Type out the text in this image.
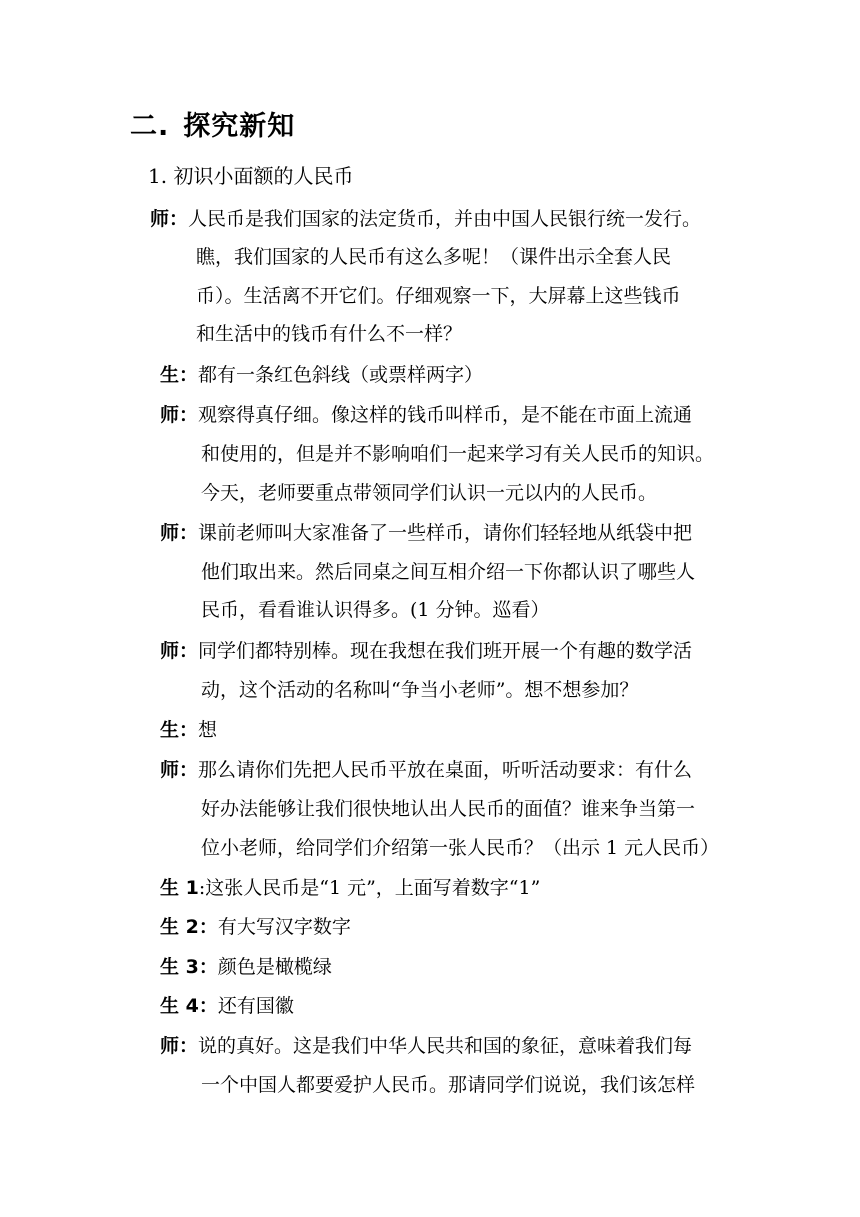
二. 探究新知
1. 初识小面额的人民币
师：人民币是我们国家的法定货币，并由中国人民银行统一发行。
瞧，我们国家的人民币有这么多呢！（课件出示全套人民
币）。生活离不开它们。仔细观察一下，大屏幕上这些钱币
和生活中的钱币有什么不一样？
生：都有一条红色斜线（或票样两字）
师：观察得真仔细。像这样的钱币叫样币，是不能在市面上流通
和使用的，但是并不影响咱们一起来学习有关人民币的知识。
今天，老师要重点带领同学们认识一元以内的人民币。
师：课前老师叫大家准备了一些样币，请你们轻轻地从纸袋中把
他们取出来。然后同桌之间互相介绍一下你都认识了哪些人
民币，看看谁认识得多。(1 分钟。巡看）
师：同学们都特别棒。现在我想在我们班开展一个有趣的数学活
动，这个活动的名称叫“争当小老师”。想不想参加？
生：想
师：那么请你们先把人民币平放在桌面，听听活动要求：有什么
好办法能够让我们很快地认出人民币的面值？谁来争当第一
位小老师，给同学们介绍第一张人民币？（出示 1 元人民币）
生 1:这张人民币是“1 元”，上面写着数字“1”
生 2：有大写汉字数字
生 3：颜色是橄榄绿
生 4：还有国徽
师：说的真好。这是我们中华人民共和国的象征，意味着我们每
一个中国人都要爱护人民币。那请同学们说说，我们该怎样
